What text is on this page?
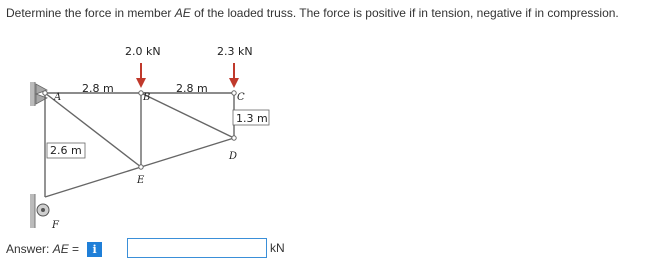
Determine the force in member AE of the loaded truss. The force is positive if in tension, negative if in compression.
2.0 kN	2.3 kN
2.8 m	2.8 m
1.3 m
2.6 m
A	B	C
D
E
F
Answer: AE =	i	kN
